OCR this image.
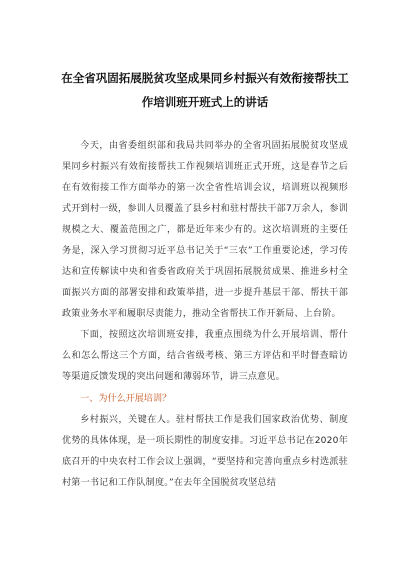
在全省巩固拓展脱贫攻坚成果同乡村振兴有效衔接帮扶工作培训班开班式上的讲话

今天，由省委组织部和我局共同举办的全省巩固拓展脱贫攻坚成果同乡村振兴有效衔接帮扶工作视频培训班正式开班，这是春节之后在有效衔接工作方面举办的第一次全省性培训会议，培训班以视频形式开到村一级，参训人员覆盖了县乡村和驻村帮扶干部7万余人，参训规模之大、覆盖范围之广，都是近年来少有的。这次培训班的主要任务是，深入学习贯彻习近平总书记关于“三农”工作重要论述，学习传达和宣传解读中央和省委省政府关于巩固拓展脱贫成果、推进乡村全面振兴方面的部署安排和政策举措，进一步提升基层干部、帮扶干部政策业务水平和履职尽责能力，推动全省帮扶工作开新局、上台阶。

下面，按照这次培训班安排，我重点围绕为什么开展培训、帮什么和怎么帮这三个方面，结合省级考核、第三方评估和平时督查暗访等渠道反馈发现的突出问题和薄弱环节，讲三点意见。

一、为什么开展培训？

乡村振兴，关键在人。驻村帮扶工作是我们国家政治优势、制度优势的具体体现，是一项长期性的制度安排。习近平总书记在2020年底召开的中央农村工作会议上强调，“要坚持和完善向重点乡村选派驻村第一书记和工作队制度。”在去年全国脱贫攻坚总结
